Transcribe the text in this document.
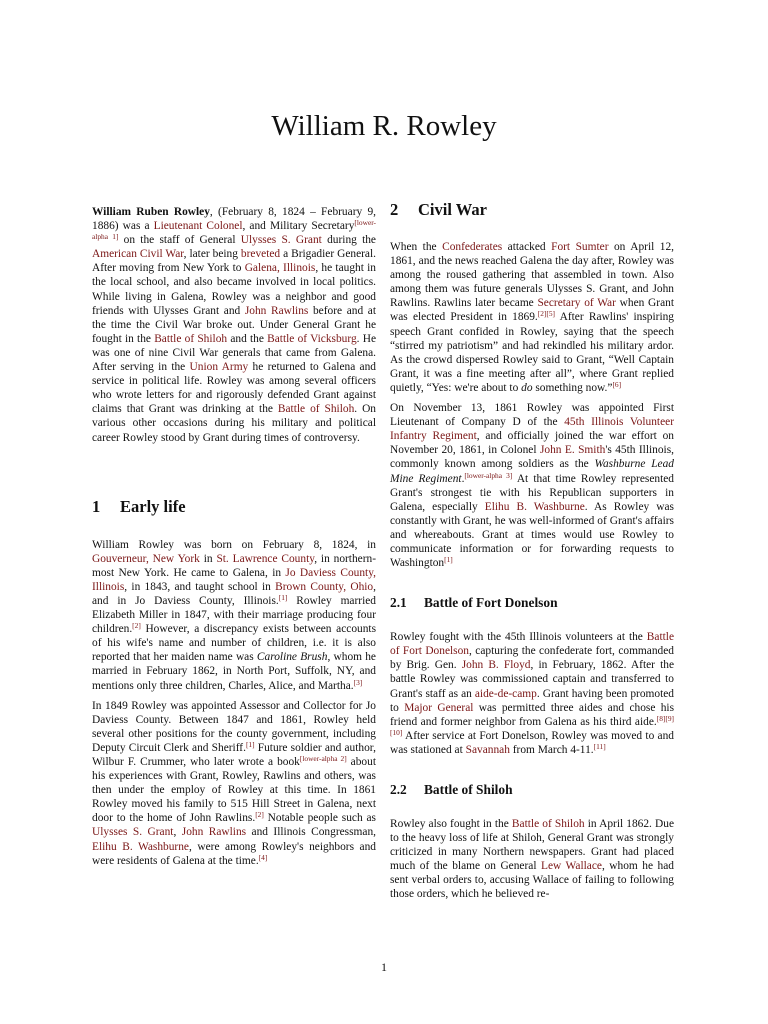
William R. Rowley

William Ruben Rowley, (February 8, 1824 – February 9, 1886) was a Lieutenant Colonel, and Military Secretary[lower-alpha 1] on the staff of General Ulysses S. Grant during the American Civil War, later being breveted a Brigadier General. After moving from New York to Galena, Illinois, he taught in the local school, and also became involved in local politics. While living in Galena, Rowley was a neighbor and good friends with Ulysses Grant and John Rawlins before and at the time the Civil War broke out. Under General Grant he fought in the Battle of Shiloh and the Battle of Vicksburg. He was one of nine Civil War generals that came from Galena. After serving in the Union Army he returned to Galena and service in political life. Rowley was among several officers who wrote letters for and rigorously defended Grant against claims that Grant was drinking at the Battle of Shiloh. On various other occasions during his military and political career Rowley stood by Grant during times of controversy.

1 Early life

William Rowley was born on February 8, 1824, in Gouverneur, New York in St. Lawrence County, in northern-most New York. He came to Galena, in Jo Daviess County, Illinois, in 1843, and taught school in Brown County, Ohio, and in Jo Daviess County, Illinois.[1] Rowley married Elizabeth Miller in 1847, with their marriage producing four children.[2] However, a discrepancy exists between accounts of his wife's name and number of children, i.e. it is also reported that her maiden name was Caroline Brush, whom he married in February 1862, in North Port, Suffolk, NY, and mentions only three children, Charles, Alice, and Martha.[3]

In 1849 Rowley was appointed Assessor and Collector for Jo Daviess County. Between 1847 and 1861, Rowley held several other positions for the county government, including Deputy Circuit Clerk and Sheriff.[1] Future soldier and author, Wilbur F. Crummer, who later wrote a book[lower-alpha 2] about his experiences with Grant, Rowley, Rawlins and others, was then under the employ of Rowley at this time. In 1861 Rowley moved his family to 515 Hill Street in Galena, next door to the home of John Rawlins.[2] Notable people such as Ulysses S. Grant, John Rawlins and Illinois Congressman, Elihu B. Washburne, were among Rowley's neighbors and were residents of Galena at the time.[4]

2 Civil War

When the Confederates attacked Fort Sumter on April 12, 1861, and the news reached Galena the day after, Rowley was among the roused gathering that assembled in town. Also among them was future generals Ulysses S. Grant, and John Rawlins. Rawlins later became Secretary of War when Grant was elected President in 1869.[2][5] After Rawlins' inspiring speech Grant confided in Rowley, saying that the speech “stirred my patriotism” and had rekindled his military ardor. As the crowd dispersed Rowley said to Grant, “Well Captain Grant, it was a fine meeting after all”, where Grant replied quietly, “Yes: we're about to do something now.”[6]

On November 13, 1861 Rowley was appointed First Lieutenant of Company D of the 45th Illinois Volunteer Infantry Regiment, and officially joined the war effort on November 20, 1861, in Colonel John E. Smith's 45th Illinois, commonly known among soldiers as the Washburne Lead Mine Regiment.[lower-alpha 3] At that time Rowley represented Grant's strongest tie with his Republican supporters in Galena, especially Elihu B. Washburne. As Rowley was constantly with Grant, he was well-informed of Grant's affairs and whereabouts. Grant at times would use Rowley to communicate information or for forwarding requests to Washington[1]

2.1 Battle of Fort Donelson

Rowley fought with the 45th Illinois volunteers at the Battle of Fort Donelson, capturing the confederate fort, commanded by Brig. Gen. John B. Floyd, in February, 1862. After the battle Rowley was commissioned captain and transferred to Grant's staff as an aide-de-camp. Grant having been promoted to Major General was permitted three aides and chose his friend and former neighbor from Galena as his third aide.[8][9][10] After service at Fort Donelson, Rowley was moved to and was stationed at Savannah from March 4-11.[11]

2.2 Battle of Shiloh

Rowley also fought in the Battle of Shiloh in April 1862. Due to the heavy loss of life at Shiloh, General Grant was strongly criticized in many Northern newspapers. Grant had placed much of the blame on General Lew Wallace, whom he had sent verbal orders to, accusing Wallace of failing to following those orders, which he believed re-

1
